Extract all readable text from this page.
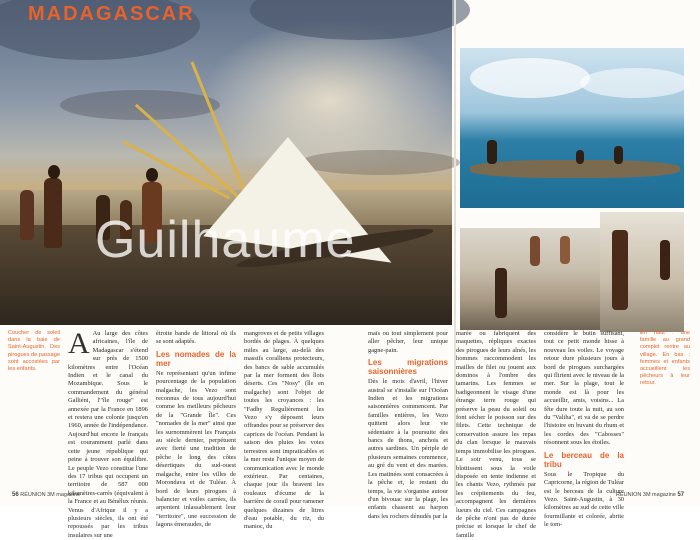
MADAGASCAR
Guilhaume
Coucher de soleil dans la baie de Saint-Augustin. Des pirogues de passage sont accostées par les enfants.
A Au large des côtes africaines, l'île de Madagascar s'étend sur près de 1500 kilomètres entre l'Océan Indien et le canal du Mozambique. Sous le commandement du général Galliéni, l'"île rouge" est annexée par la France en 1896 et restera une colonie jusqu'en 1960, année de l'indépendance. Aujourd'hui encore le français est couramment parlé dans cette jeune république qui peine à trouver son équilibre. Le peuple Vezo constitue l'une des 17 tribus qui occupent un territoire de 587 000 kilomètres-carrés (équivalent à la France et au Bénélux réunis. Venus d'Afrique il y a plusieurs siècles, ils ont été repoussés par les tribus insulaires sur une

étroite bande de littoral où ils se sont adaptés.

Les nomades de la mer

Ne représentant qu'un infime pourcentage de la population malgache, les Vezo sont reconnus de tous aujourd'hui comme les meilleurs pêcheurs de la "Grande Île". Ces "nomades de la mer" ainsi que les surnommèrent les Français au siècle dernier, perpétuent avec fierté une tradition de pêche le long des côtes désertiques du sud-ouest malgache, entre les villes de Morondava et de Tuléar. À bord de leurs pirogues à balancier et voiles carrées, ils arpentent inlassablement leur "territoire", une succession de lagons émeraudes, de

mangroves et de petits villages bordés de plages. À quelques miles au large, au-delà des massifs coralliens protecteurs, des bancs de sable accumulés par la mer forment des îlots déserts. Ces "Nosy" (île en malgache) sont l'objet de toutes les croyances : les "Fadhy Regulièrement les Vezo s'y déposent leurs offrandes pour se préserver des caprices de l'océan. Pendant la saison des pluies les voies terrestres sont impraticables et la mer reste l'unique moyen de communication avec le monde extérieur. Par centaines, chaque jour ils bravent les rouleaux d'écume de la barrière de corail pour ramener quelques dizaines de litres d'eau potable, du riz, du manioc, du

maïs ou tout simplement pour aller pêcher, leur unique gagne-pain.

Les migrations saisonnières

Dès le mois d'avril, l'hiver austral se s'installe sur l'Océan Indien et les migrations saisonnières commencent. Par familles entières, les Vezo quittent alors leur vie sédentaire à la poursuite des bancs de thons, anchois et autres sardines. Un périple de plusieurs semaines commence, au gré du vent et des marées. Les matinées sont consacrées à la pêche et, le restant du temps, la vie s'organise autour d'un bivouac sur la plage, les enfants chassent au harpon dans les rochers dénudés par la

marée ou fabriquent des maquettes, répliques exactes des pirogues de leurs aînés, les hommes raccommodent les mailles de filet ou jouent aux dominos à l'ombre des tamarins. Les femmes se badigeonnent le visage d'une étrange terre rouge qui préserve la peau du soleil ou font sécher le poisson sur des filets. Cette technique de conservation assure les repas du clan lorsque le mauvais temps immobilise les pirogues. Le soir venu, tous se blottissent sous la voile disposée en tente indienne et les chants Vezo, rythmés par les crépitements du feu, accompagnent les dernières lueurs du ciel. Ces campagnes de pêche n'ont pas de durée précise et lorsque le chef de famille

considère le butin suffisant, tout ce petit monde hisse à nouveau les voiles. Le voyage retour dure plusieurs jours à bord de pirogues surchargées qui flirtent avec le niveau de la mer. Sur la plage, tout le monde est là pour les accueillir, amis, voisins... La fête dure toute la nuit, au son du "Valiha", et va de se perdre l'histoire en buvant du rhum et les cordes des "Cabosses" résonnent sous les étoiles.

Le berceau de la tribu

Sous le Tropique du Capricorne, la région de Tuléar est le berceau de la culture Vezo. Saint-Augustin, à 30 kilomètres au sud de cette ville fourmillante et colorée, abrite le tom-

En haut : une famille au grand complet rentre au village. En bas : femmes et enfants accueillent les pêcheurs à leur retour.
56 RÉUNION 3M magazine	RÉUNION 3M magazine 57
